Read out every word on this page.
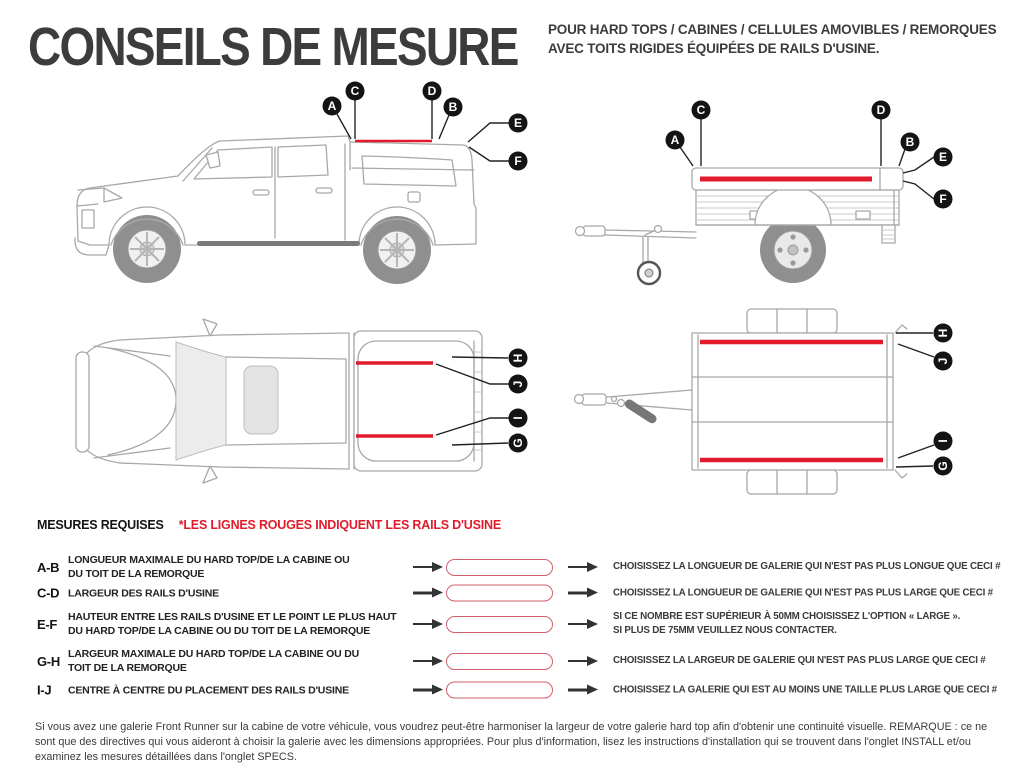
CONSEILS DE MESURE POUR HARD TOPS / CABINES / CELLULES AMOVIBLES / REMORQUES
AVEC TOITS RIGIDES ÉQUIPÉES DE RAILS D'USINE.
A
C	D
B
E
F
A
C	D
B
E
F
H
J
I
G
H
J
I
G
MESURES REQUISES *LES LIGNES ROUGES INDIQUENT LES RAILS D'USINE
A-B LONGUEUR MAXIMALE DU HARD TOP/DE LA CABINE OU
DU TOIT DE LA REMORQUE
CHOISISSEZ LA LONGUEUR DE GALERIE QUI N'EST PAS PLUS LONGUE QUE CECI #
C-D LARGEUR DES RAILS D'USINE	CHOISISSEZ LA LONGUEUR DE GALERIE QUI N'EST PAS PLUS LARGE QUE CECI #
E-F	HAUTEUR ENTRE LES RAILS D'USINE ET LE POINT LE PLUS HAUT
DU HARD TOP/DE LA CABINE OU DU TOIT DE LA REMORQUE
SI CE NOMBRE EST SUPÉRIEUR À 50MM CHOISISSEZ L'OPTION « LARGE ».
SI PLUS DE 75MM VEUILLEZ NOUS CONTACTER.
G-H LARGEUR MAXIMALE DU HARD TOP/DE LA CABINE OU DU
TOIT DE LA REMORQUE
CHOISISSEZ LA LARGEUR DE GALERIE QUI N'EST PAS PLUS LARGE QUE CECI #
I-J	CENTRE À CENTRE DU PLACEMENT DES RAILS D'USINE	CHOISISSEZ LA GALERIE QUI EST AU MOINS UNE TAILLE PLUS LARGE QUE CECI #
Si vous avez une galerie Front Runner sur la cabine de votre véhicule, vous voudrez peut-être harmoniser la largeur de votre galerie hard top afin d'obtenir une continuité visuelle. REMARQUE : ce ne sont que des directives qui vous aideront à choisir la galerie avec les dimensions appropriées. Pour plus d'information, lisez les instructions d'installation qui se trouvent dans l'onglet INSTALL et/ou examinez les mesures détaillées dans l'onglet SPECS.
